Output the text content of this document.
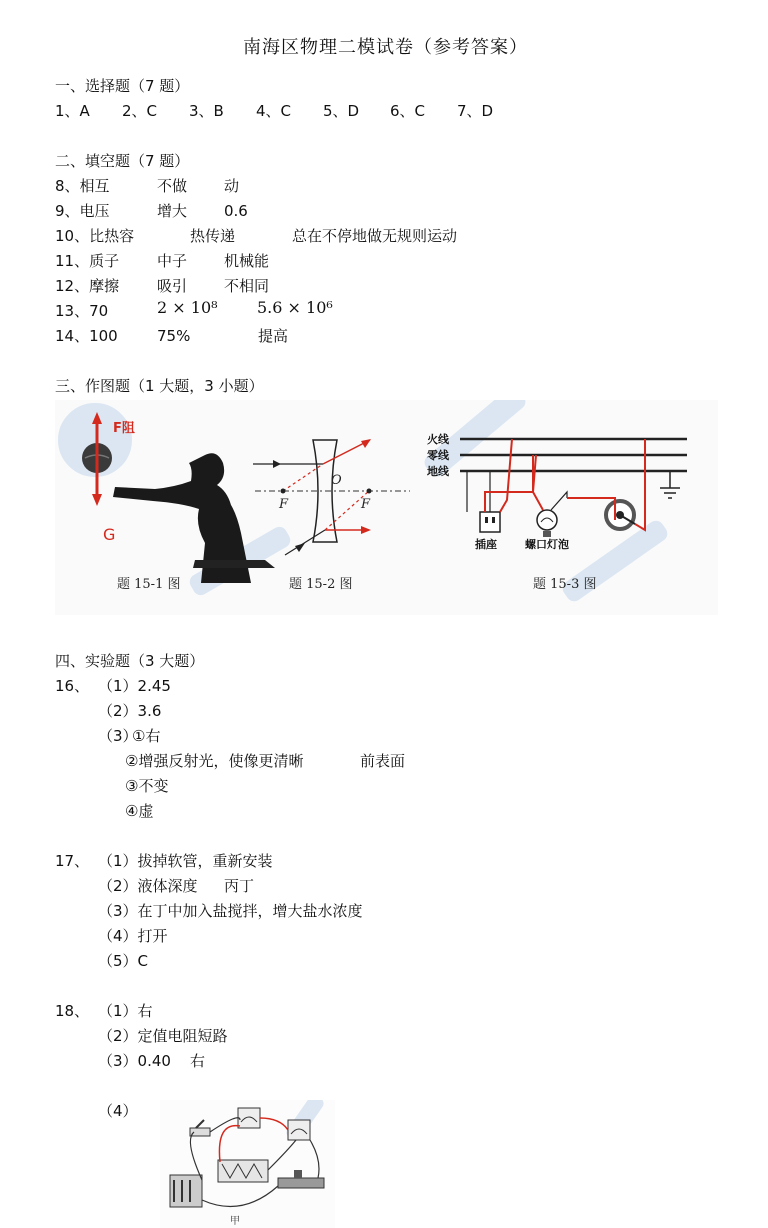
南海区物理二模试卷（参考答案）
一、选择题（7 题）
1、A 2、C 3、B 4、C 5、D 6、C 7、D
二、填空题（7 题）
8、相互	不做 动
9、电压	增大 0.6
10、比热容	热传递	总在不停地做无规则运动
11、质子	中子 机械能
12、摩擦	吸引 不相同
13、70	2 × 10⁸ 5.6 × 10⁶
14、100	75%	提高
三、作图题（1 大题，3 小题）
F阻
G
题 15-1 图
F	F
O
题 15-2 图
火线
零线
地线
插座	螺口灯泡
题 15-3 图
四、实验题（3 大题）
16、 （1）2.45
（2）3.6
（3）
①右
②增强反射光，使像更清晰	前表面
③不变
④虚
17、 （1）拔掉软管，重新安装
（2）液体深度 丙丁
（3）在丁中加入盐搅拌，增大盐水浓度
（4）打开
（5）C
18、 （1）右
（2）定值电阻短路
（3）0.40 右
（4）
甲
